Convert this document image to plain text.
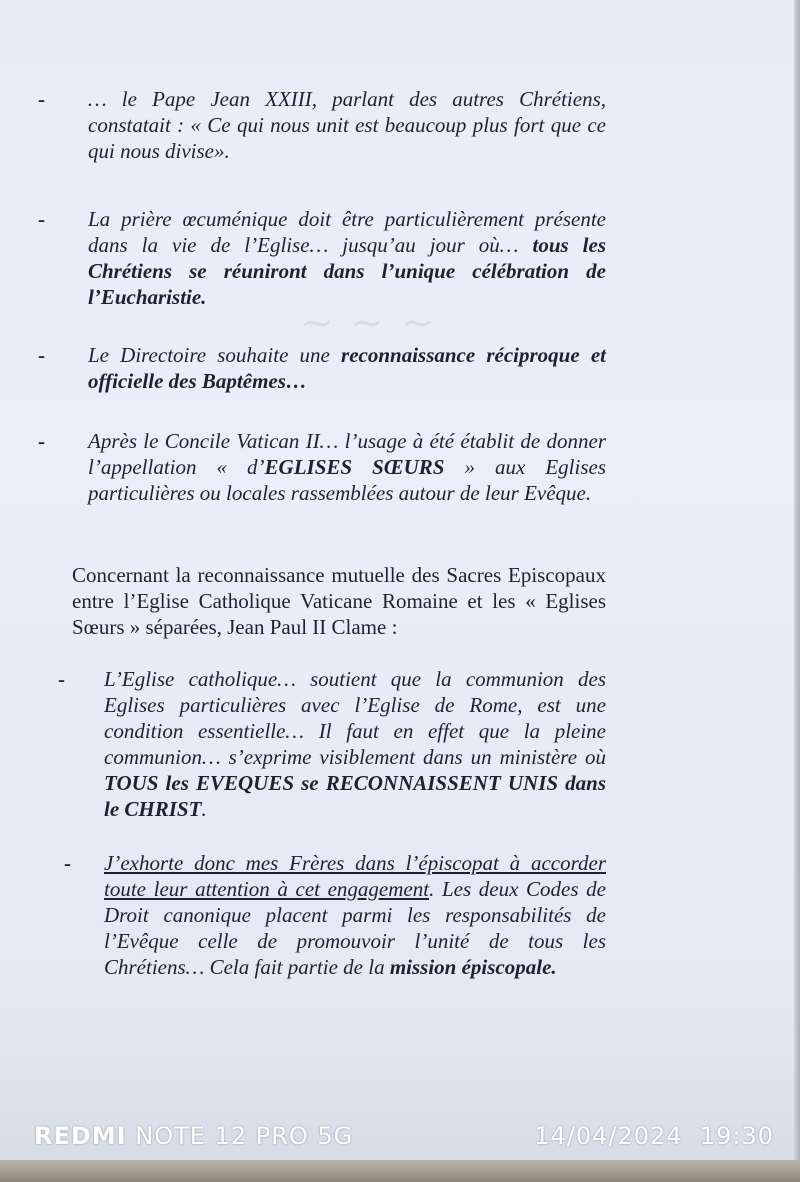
~ ~ ~
- … le Pape Jean XXIII, parlant des autres Chrétiens, constatait : « Ce qui nous unit est beaucoup plus fort que ce qui nous divise».
- La prière œcuménique doit être particulièrement présente dans la vie de l’Eglise… jusqu’au jour où… tous les Chrétiens se réuniront dans l’unique célébration de l’Eucharistie.
- Le Directoire souhaite une reconnaissance réciproque et officielle des Baptêmes…
- Après le Concile Vatican II… l’usage à été établit de donner l’appellation « d’EGLISES SŒURS » aux Eglises particulières ou locales rassemblées autour de leur Evêque.
Concernant la reconnaissance mutuelle des Sacres Episcopaux entre l’Eglise Catholique Vaticane Romaine et les « Eglises Sœurs » séparées, Jean Paul II Clame :
- L’Eglise catholique… soutient que la communion des Eglises particulières avec l’Eglise de Rome, est une condition essentielle… Il faut en effet que la pleine communion… s’exprime visiblement dans un ministère où TOUS les EVEQUES se RECONNAISSENT UNIS dans le CHRIST.
- J’exhorte donc mes Frères dans l’épiscopat à accorder toute leur attention à cet engagement. Les deux Codes de Droit canonique placent parmi les responsabilités de l’Evêque celle de promouvoir l’unité de tous les Chrétiens… Cela fait partie de la mission épiscopale.
REDMI NOTE 12 PRO 5G	14/04/2024 19:30
